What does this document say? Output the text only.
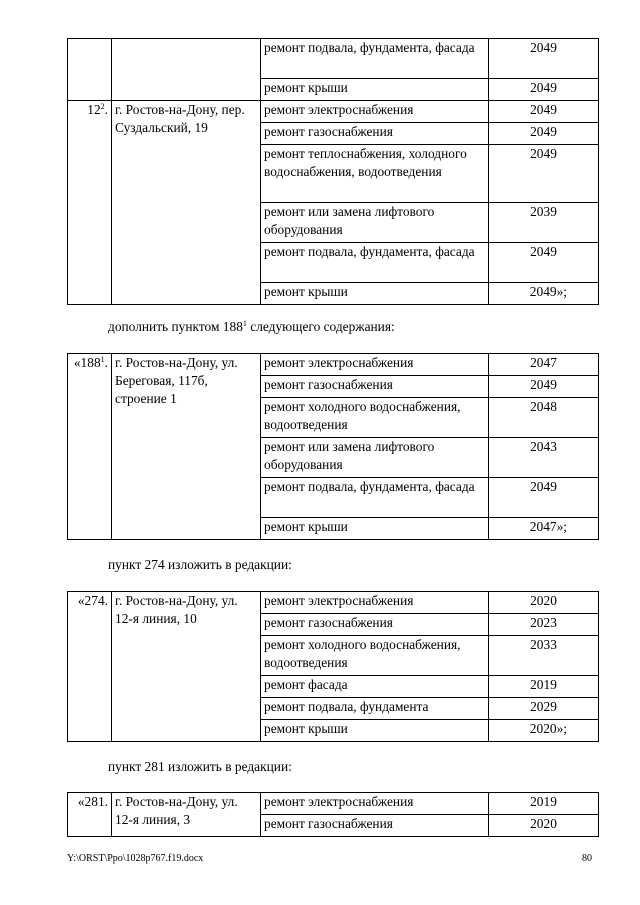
		ремонт подвала, фундамента, фасада	2049
		ремонт крыши	2049
$12^2$.	г. Ростов-на-Дону, пер. Суздальский, 19	ремонт электроснабжения	2049
		ремонт газоснабжения	2049
		ремонт теплоснабжения, холодного водоснабжения, водоотведения	2049
		ремонт или замена лифтового оборудования	2039
		ремонт подвала, фундамента, фасада	2049
		ремонт крыши	2049»;
дополнить пунктом $188^1$ следующего содержания:
«$188^1$.	г. Ростов-на-Дону, ул. Береговая, 117б, строение 1	ремонт электроснабжения	2047
		ремонт газоснабжения	2049
		ремонт холодного водоснабжения, водоотведения	2048
		ремонт или замена лифтового оборудования	2043
		ремонт подвала, фундамента, фасада	2049
		ремонт крыши	2047»;
пункт 274 изложить в редакции:
«274.	г. Ростов-на-Дону, ул. 12-я линия, 10	ремонт электроснабжения	2020
		ремонт газоснабжения	2023
		ремонт холодного водоснабжения, водоотведения	2033
		ремонт фасада	2019
		ремонт подвала, фундамента	2029
		ремонт крыши	2020»;
пункт 281 изложить в редакции:
«281.	г. Ростов-на-Дону, ул. 12-я линия, 3	ремонт электроснабжения	2019
		ремонт газоснабжения	2020
Y:\ORST\Ppo\1028p767.f19.docx	80
